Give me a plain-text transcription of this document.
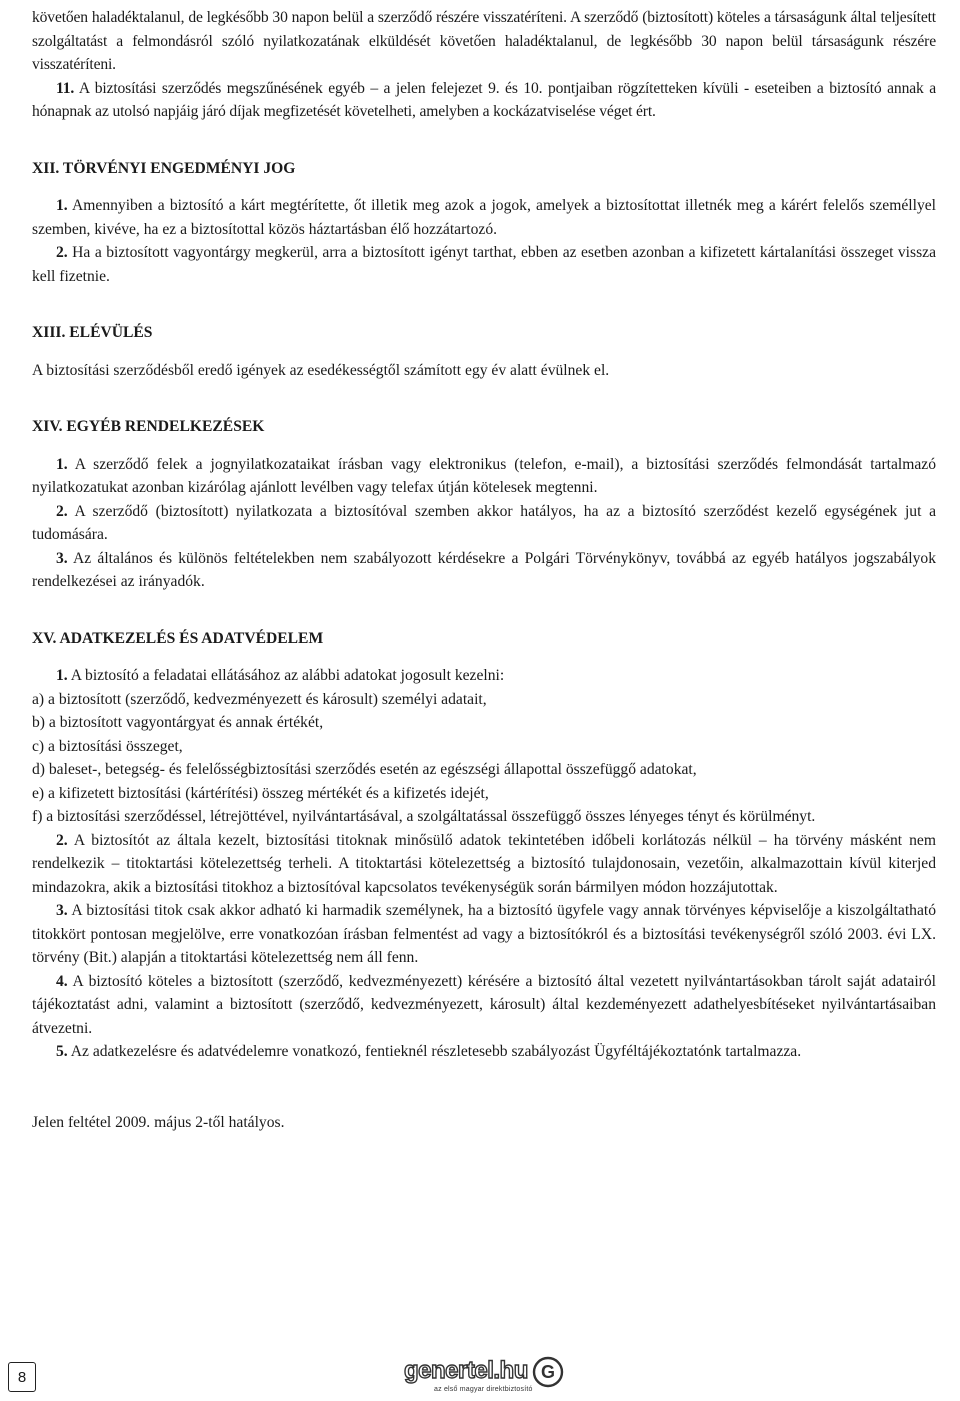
követően haladéktalanul, de legkésőbb 30 napon belül a szerződő részére visszatéríteni. A szerződő (biztosított) köteles a társaságunk által teljesített szolgáltatást a felmondásról szóló nyilatkozatának elküldését követően haladéktalanul, de legkésőbb 30 napon belül társaságunk részére visszatéríteni.

11. A biztosítási szerződés megszűnésének egyéb – a jelen felejezet 9. és 10. pontjaiban rögzítetteken kívüli - eseteiben a biztosító annak a hónapnak az utolsó napjáig járó díjak megfizetését követelheti, amelyben a kockázatviselése véget ért.

XII. TÖRVÉNYI ENGEDMÉNYI JOG

1. Amennyiben a biztosító a kárt megtérítette, őt illetik meg azok a jogok, amelyek a biztosítottat illetnék meg a kárért felelős személlyel szemben, kivéve, ha ez a biztosítottal közös háztartásban élő hozzátartozó.

2. Ha a biztosított vagyontárgy megkerül, arra a biztosított igényt tarthat, ebben az esetben azonban a kifizetett kártalanítási összeget vissza kell fizetnie.

XIII. ELÉVÜLÉS

A biztosítási szerződésből eredő igények az esedékességtől számított egy év alatt évülnek el.

XIV. EGYÉB RENDELKEZÉSEK

1. A szerződő felek a jognyilatkozataikat írásban vagy elektronikus (telefon, e-mail), a biztosítási szerződés felmondását tartalmazó nyilatkozatukat azonban kizárólag ajánlott levélben vagy telefax útján kötelesek megtenni.

2. A szerződő (biztosított) nyilatkozata a biztosítóval szemben akkor hatályos, ha az a biztosító szerződést kezelő egységének jut a tudomására.

3. Az általános és különös feltételekben nem szabályozott kérdésekre a Polgári Törvénykönyv, továbbá az egyéb hatályos jogszabályok rendelkezései az irányadók.

XV. ADATKEZELÉS ÉS ADATVÉDELEM

1. A biztosító a feladatai ellátásához az alábbi adatokat jogosult kezelni:

a) a biztosított (szerződő, kedvezményezett és károsult) személyi adatait,

b) a biztosított vagyontárgyat és annak értékét,

c) a biztosítási összeget,

d) baleset-, betegség- és felelősségbiztosítási szerződés esetén az egészségi állapottal összefüggő adatokat,

e) a kifizetett biztosítási (kártérítési) összeg mértékét és a kifizetés idejét,

f) a biztosítási szerződéssel, létrejöttével, nyilvántartásával, a szolgáltatással összefüggő összes lényeges tényt és körülményt.

2. A biztosítót az általa kezelt, biztosítási titoknak minősülő adatok tekintetében időbeli korlátozás nélkül – ha törvény másként nem rendelkezik – titoktartási kötelezettség terheli. A titoktartási kötelezettség a biztosító tulajdonosain, vezetőin, alkalmazottain kívül kiterjed mindazokra, akik a biztosítási titokhoz a biztosítóval kapcsolatos tevékenységük során bármilyen módon hozzájutottak.

3. A biztosítási titok csak akkor adható ki harmadik személynek, ha a biztosító ügyfele vagy annak törvényes képviselője a kiszolgáltatható titokkört pontosan megjelölve, erre vonatkozóan írásban felmentést ad vagy a biztosítókról és a biztosítási tevékenységről szóló 2003. évi LX. törvény (Bit.) alapján a titoktartási kötelezettség nem áll fenn.

4. A biztosító köteles a biztosított (szerződő, kedvezményezett) kérésére a biztosító által vezetett nyilvántartásokban tárolt saját adatairól tájékoztatást adni, valamint a biztosított (szerződő, kedvezményezett, károsult) által kezdeményezett adathelyesbítéseket nyilvántartásaiban átvezetni.

5. Az adatkezelésre és adatvédelemre vonatkozó, fentieknél részletesebb szabályozást Ügyféltájékoztatónk tartalmazza.

Jelen feltétel 2009. május 2-től hatályos.

8	genertel.hu
az első magyar direktbiztosító
G
